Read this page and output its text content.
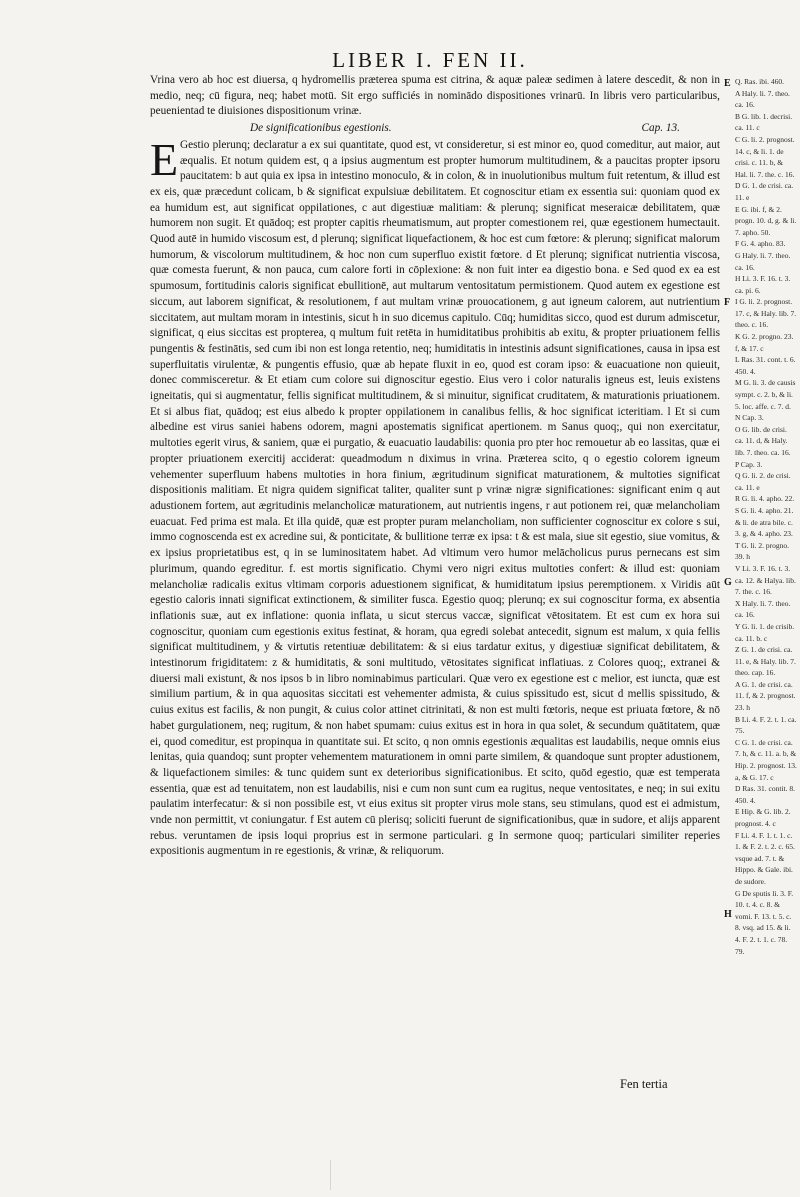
LIBER I. FEN II.

Vrina vero ab hoc est diuersa, q hydromellis præterea spuma est citrina, & aquæ paleæ sedimen à latere descedit, & non in medio, neq; cū figura, neq; habet motū. Sit ergo sufficiés in nominādo dispositiones vrinarū. In libris vero particularibus, peuenientad te diuisiones dispositionum vrinæ.

De significationibus egestionis.	Cap. 13.

E Gestio plerunq; declaratur a ex sui quantitate, quod est, vt consideretur, si est minor eo, quod comeditur, aut maior, aut æqualis. Et notum quidem est, q a ipsius augmentum est propter humorum multitudinem, & a paucitas propter ipsoru paucitatem: b aut quia ex ipsa in intestino monoculo, & in colon, & in inuolutionibus multum fuit retentum, & illud est ex eis, quæ præcedunt colicam, b & significat expulsiuæ debilitatem. Et cognoscitur etiam ex essentia sui: quoniam quod ex ea humidum est, aut significat oppilationes, c aut digestiuæ malitiam: & plerunq; significat meseraicæ debilitatem, quæ humorem non sugit. Et quādoq; est propter capitis rheumatismum, aut propter comestionem rei, quæ egestionem humectauit. Quod autē in humido viscosum est, d plerunq; significat liquefactionem, & hoc est cum fœtore: & plerunq; significat malorum humorum, & viscolorum multitudinem, & hoc non cum superfluo existit fœtore. d Et plerunq; significat nutrientia viscosa, quæ comesta fuerunt, & non pauca, cum calore forti in cōplexione: & non fuit inter ea digestio bona. e Sed quod ex ea est spumosum, fortitudinis caloris significat ebullitionē, aut multarum ventositatum permistionem. Quod autem ex egestione est siccum, aut laborem significat, & resolutionem, f aut multam vrinæ prouocationem, g aut igneum calorem, aut nutrientium siccitatem, aut multam moram in intestinis, sicut h in suo dicemus capitulo. Cūq; humiditas sicco, quod est durum admiscetur, significat, q eius siccitas est propterea, q multum fuit retēta in humiditatibus prohibitis ab exitu, & propter priuationem fellis pungentis & festinātis, sed cum ibi non est longa retentio, neq; humiditatis in intestinis adsunt significationes, causa in ipsa est superfluitatis virulentæ, & pungentis effusio, quæ ab hepate fluxit in eo, quod est coram ipso: & euacuatione non quieuit, donec commisceretur. & Et etiam cum colore sui dignoscitur egestio. Eius vero i color naturalis igneus est, leuis existens igneitatis, qui si augmentatur, fellis significat multitudinem, & si minuitur, significat cruditatem, & maturationis priuationem. Et si albus fiat, quādoq; est eius albedo k propter oppilationem in canalibus fellis, & hoc significat icteritiam. l Et si cum albedine est virus saniei habens odorem, magni apostematis significat apertionem. m Sanus quoq;, qui non exercitatur, multoties egerit virus, & saniem, quæ ei purgatio, & euacuatio laudabilis: quonia pro pter hoc remouetur ab eo lassitas, quæ ei propter priuationem exercitij acciderat: queadmodum n diximus in vrina. Præterea scito, q o egestio colorem igneum vehementer superfluum habens multoties in hora finium, ægritudinum significat maturationem, & multoties significat dispositionis malitiam. Et nigra quidem significat taliter, qualiter sunt p vrinæ nigræ significationes: significant enim q aut adustionem fortem, aut ægritudinis melancholicæ maturationem, aut nutrientis ingens, r aut potionem rei, quæ melancholiam euacuat. Fed prima est mala. Et illa quidē, quæ est propter puram melancholiam, non sufficienter cognoscitur ex colore s sui, immo cognoscenda est ex acredine sui, & ponticitate, & bullitione terræ ex ipsa: t & est mala, siue sit egestio, siue vomitus, & ex ipsius proprietatibus est, q in se luminositatem habet. Ad vltimum vero humor melācholicus purus pernecans est sim plurimum, quando egreditur. f. est mortis significatio. Chymi vero nigri exitus multoties confert: & illud est: quoniam melancholiæ radicalis exitus vltimam corporis aduestionem significat, & humiditatum ipsius peremptionem. x Viridis aūt egestio caloris innati significat extinctionem, & similiter fusca. Egestio quoq; plerunq; ex sui cognoscitur forma, ex absentia inflationis suæ, aut ex inflatione: quonia inflata, u sicut stercus vaccæ, significat vētositatem. Et est cum ex hora sui cognoscitur, quoniam cum egestionis exitus festinat, & horam, qua egredi solebat antecedit, signum est malum, x quia fellis significat multitudinem, y & virtutis retentiuæ debilitatem: & si eius tardatur exitus, y digestiuæ significat debilitatem, & intestinorum frigiditatem: z & humiditatis, & soni multitudo, vētositates significat inflatiuas. z Colores quoq;, extranei & diuersi mali existunt, & nos ipsos b in libro nominabimus particulari. Quæ vero ex egestione est c melior, est iuncta, quæ est similium partium, & in qua aquositas siccitati est vehementer admista, & cuius spissitudo est, sicut d mellis spissitudo, & cuius exitus est facilis, & non pungit, & cuius color attinet citrinitati, & non est multi fœtoris, neque est priuata fœtore, & nō habet gurgulationem, neq; rugitum, & non habet spumam: cuius exitus est in hora in qua solet, & secundum quātitatem, quæ ei, quod comeditur, est propinqua in quantitate sui. Et scito, q non omnis egestionis æqualitas est laudabilis, neque omnis eius lenitas, quia quandoq; sunt propter vehementem maturationem in omni parte similem, & quandoque sunt propter adustionem, & liquefactionem similes: & tunc quidem sunt ex deterioribus significationibus. Et scito, quōd egestio, quæ est temperata essentia, quæ est ad tenuitatem, non est laudabilis, nisi e cum non sunt cum ea rugitus, neque ventositates, e neq; in sui exitu paulatim interfecatur: & si non possibile est, vt eius exitus sit propter virus mole stans, seu stimulans, quod est ei admistum, vnde non permittit, vt coniungatur. f Est autem cū plerisq; soliciti fuerunt de significationibus, quæ in sudore, et alijs apparent rebus. veruntamen de ipsis loqui proprius est in sermone particulari. g In sermone quoq; particulari similiter reperies expositionis augmentum in re egestionis, & vrinæ, & reliquorum.

E
F
G
H
Q. Ras. ibi. 460.
A Haly. li. 7. theo. ca. 16.
B G. lib. 1. decrisi. ca. 11. c
C G. li. 2. prognost. 14. c, & li. 1. de crisi. c. 11. b, & Hal. li. 7. the. c. 16.
D G. 1. de crisi. ca. 11. e
E G. ibi. f, & 2. progn. 10. d, g. & li. 7. apho. 50.
F G. 4. apho. 83.
G Haly. li. 7. theo. ca. 16.
H Li. 3. F. 16. t. 3. ca. pi. 6.
I G. li. 2. prognost. 17. c, & Haly. lib. 7. theo. c. 16.
K G. 2. progno. 23. f, & 17. c
L Ras. 31. cont. t. 6. 450. 4.
M G. li. 3. de causis sympt. c. 2. b, & li. 5. loc. affe. c. 7. d.
N Cap. 3.
O G. lib. de crisi. ca. 11. d, & Haly. lib. 7. theo. ca. 16.
P Cap. 3.
Q G. li. 2. de crisi. ca. 11. e
R G. li. 4. apho. 22.
S G. li. 4. apho. 21. & li. de atra bile. c. 3. g, & 4. apho. 23.
T G. li. 2. progno. 39. h
V Li. 3. F. 16. t. 3. ca. 12. & Halya. lib. 7. the. c. 16.
X Haly. li. 7. theo. ca. 16.
Y G. li. 1. de crisib. ca. 11. b. c
Z G. 1. de crisi. ca. 11. e, & Haly. lib. 7. theo. cap. 16.
A G. 1. de crisi. ca. 11. f, & 2. prognost. 23. h
B Li. 4. F. 2. t. 1. ca. 75.
C G. 1. de crisi. ca. 7. h, & c. 11. a. b, & Hip. 2. prognost. 13. a, & G. 17. c
D Ras. 31. contit. 8. 450. 4.
E Hip. & G. lib. 2. prognost. 4. c
F Li. 4. F. 1. t. 1. c. 1. & F. 2. t. 2. c. 65. vsque ad. 7. t. & Hippo. & Gale. ibi. de sudore.
G De sputis li. 3. F. 10. t. 4. c. 8. & vomi. F. 13. t. 5. c. 8. vsq. ad 15. & li. 4. F. 2. t. 1. c. 78. 79.
Fen tertia
